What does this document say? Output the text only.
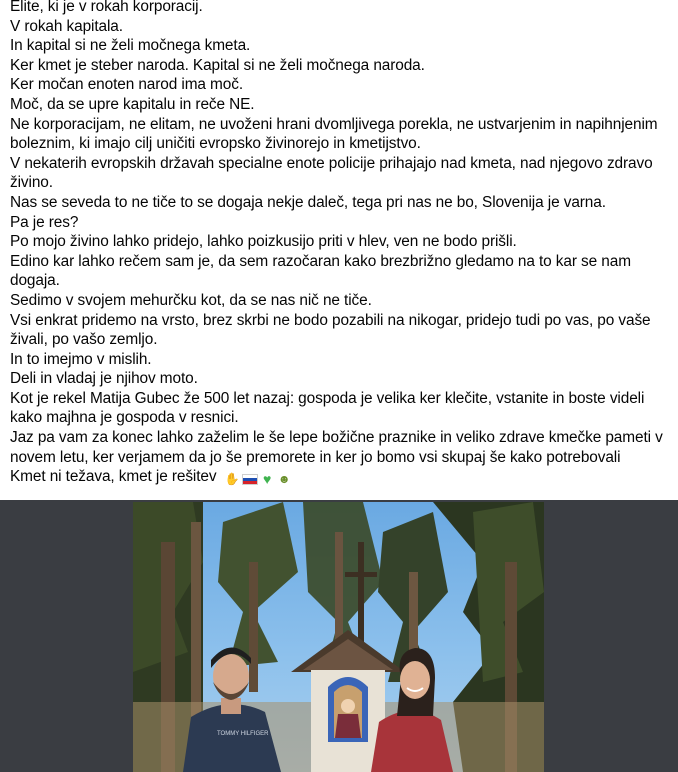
Elite, ki je v rokah korporacij.

V rokah kapitala.

In kapital si ne želi močnega kmeta.

Ker kmet je steber naroda. Kapital si ne želi močnega naroda.

Ker močan enoten narod ima moč.

Moč, da se upre kapitalu in reče NE.

Ne korporacijam, ne elitam, ne uvoženi hrani dvomljivega porekla, ne ustvarjenim in napihnjenim boleznim, ki imajo cilj uničiti evropsko živinorejo in kmetijstvo.

V nekaterih evropskih državah specialne enote policije prihajajo nad kmeta, nad njegovo zdravo živino.

Nas se seveda to ne tiče to se dogaja nekje daleč, tega pri nas ne bo, Slovenija je varna.

Pa je res?

Po mojo živino lahko pridejo, lahko poizkusijo priti v hlev, ven ne bodo prišli.

Edino kar lahko rečem sam je, da sem razočaran kako brezbrižno gledamo na to kar se nam dogaja.

Sedimo v svojem mehurčku kot, da se nas nič ne tiče.

Vsi enkrat pridemo na vrsto, brez skrbi ne bodo pozabili na nikogar, pridejo tudi po vas, po vaše živali, po vašo zemljo.

In to imejmo v mislih.

Deli in vladaj je njihov moto.

Kot je rekel Matija Gubec že 500 let nazaj: gospoda je velika ker klečite, vstanite in boste videli kako majhna je gospoda v resnici.

Jaz pa vam za konec lahko zaželim le še lepe božične praznike in veliko zdrave kmečke pameti v novem letu, ker verjamem da jo še premorete in ker jo bomo vsi skupaj še kako potrebovali

Kmet ni težava, kmet je rešitev ✋ ♥ ☻

TOMMY HILFIGER
